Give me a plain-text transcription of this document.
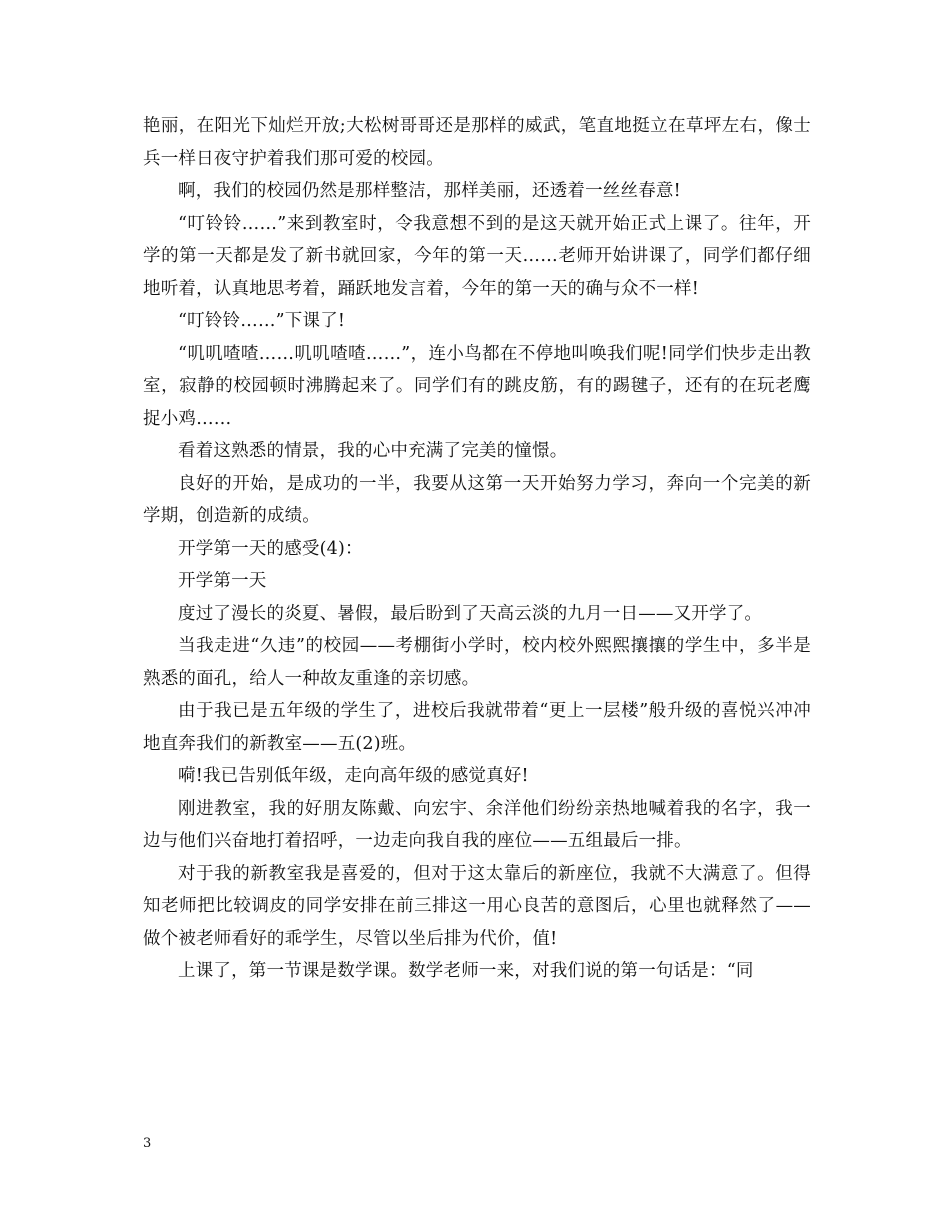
艳丽，在阳光下灿烂开放;大松树哥哥还是那样的威武，笔直地挺立在草坪左右，像士兵一样日夜守护着我们那可爱的校园。

啊，我们的校园仍然是那样整洁，那样美丽，还透着一丝丝春意!

“叮铃铃……”来到教室时，令我意想不到的是这天就开始正式上课了。往年，开学的第一天都是发了新书就回家，今年的第一天……老师开始讲课了，同学们都仔细地听着，认真地思考着，踊跃地发言着，今年的第一天的确与众不一样!

“叮铃铃……”下课了!

“叽叽喳喳……叽叽喳喳……”，连小鸟都在不停地叫唤我们呢!同学们快步走出教室，寂静的校园顿时沸腾起来了。同学们有的跳皮筋，有的踢毽子，还有的在玩老鹰捉小鸡……

看着这熟悉的情景，我的心中充满了完美的憧憬。

良好的开始，是成功的一半，我要从这第一天开始努力学习，奔向一个完美的新学期，创造新的成绩。

开学第一天的感受(4)：

开学第一天

度过了漫长的炎夏、暑假，最后盼到了天高云淡的九月一日——又开学了。

当我走进“久违”的校园——考棚街小学时，校内校外熙熙攘攘的学生中，多半是熟悉的面孔，给人一种故友重逢的亲切感。

由于我已是五年级的学生了，进校后我就带着“更上一层楼”般升级的喜悦兴冲冲地直奔我们的新教室——五(2)班。

嗬!我已告别低年级，走向高年级的感觉真好!

刚进教室，我的好朋友陈戴、向宏宇、余洋他们纷纷亲热地喊着我的名字，我一边与他们兴奋地打着招呼，一边走向我自我的座位——五组最后一排。

对于我的新教室我是喜爱的，但对于这太靠后的新座位，我就不大满意了。但得知老师把比较调皮的同学安排在前三排这一用心良苦的意图后，心里也就释然了——做个被老师看好的乖学生，尽管以坐后排为代价，值!

上课了，第一节课是数学课。数学老师一来，对我们说的第一句话是：“同

3
